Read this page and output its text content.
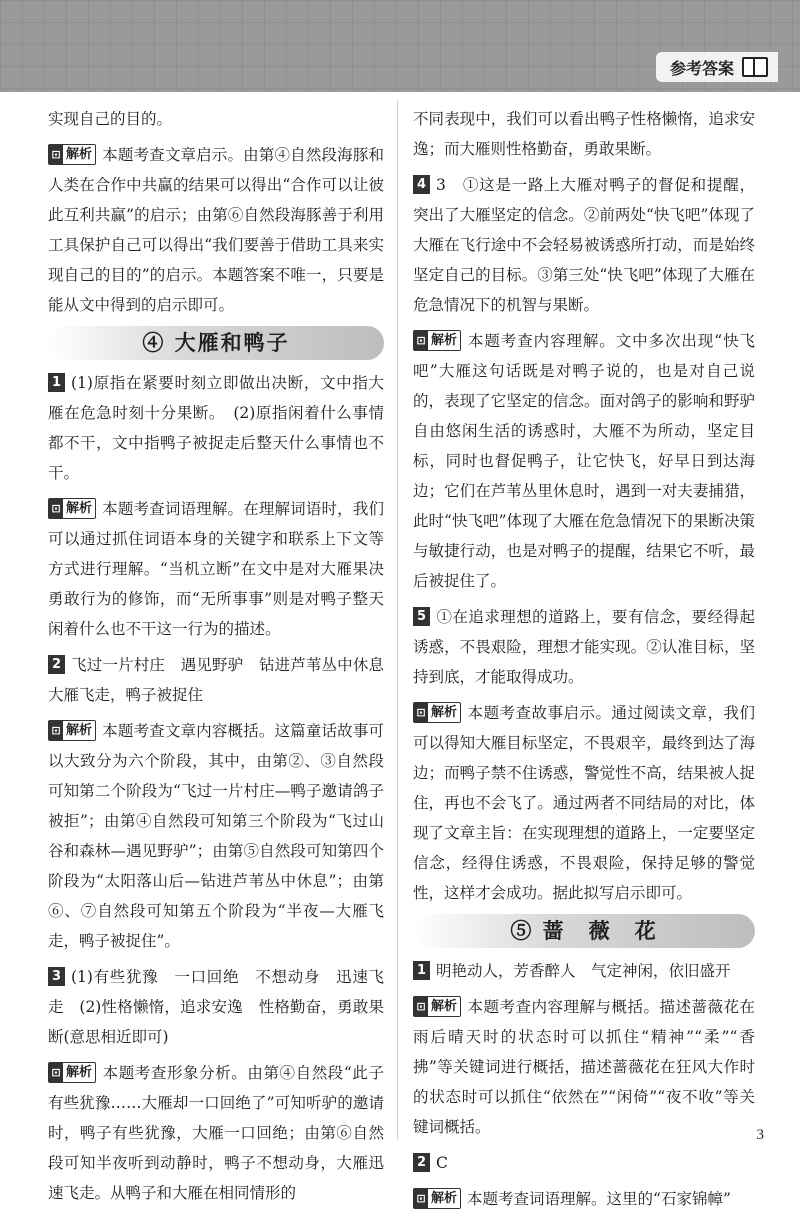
参考答案

实现自己的目的。

⊡ 解析 本题考查文章启示。由第④自然段海豚和人类在合作中共赢的结果可以得出“合作可以让彼此互利共赢”的启示；由第⑥自然段海豚善于利用工具保护自己可以得出“我们要善于借助工具来实现自己的目的”的启示。本题答案不唯一，只要是能从文中得到的启示即可。

④ 大雁和鸭子

1 (1)原指在紧要时刻立即做出决断，文中指大雁在危急时刻十分果断。　(2)原指闲着什么事情都不干，文中指鸭子被捉走后整天什么事情也不干。

⊡ 解析 本题考查词语理解。在理解词语时，我们可以通过抓住词语本身的关键字和联系上下文等方式进行理解。“当机立断”在文中是对大雁果决勇敢行为的修饰，而“无所事事”则是对鸭子整天闲着什么也不干这一行为的描述。

2 飞过一片村庄　遇见野驴　钻进芦苇丛中休息　大雁飞走，鸭子被捉住

⊡ 解析 本题考查文章内容概括。这篇童话故事可以大致分为六个阶段，其中，由第②、③自然段可知第二个阶段为“飞过一片村庄—鸭子邀请鸽子被拒”；由第④自然段可知第三个阶段为“飞过山谷和森林—遇见野驴”；由第⑤自然段可知第四个阶段为“太阳落山后—钻进芦苇丛中休息”；由第⑥、⑦自然段可知第五个阶段为“半夜—大雁飞走，鸭子被捉住”。

3 (1)有些犹豫　一口回绝　不想动身　迅速飞走　(2)性格懒惰，追求安逸　性格勤奋，勇敢果断(意思相近即可)

⊡ 解析 本题考查形象分析。由第④自然段“此子有些犹豫……大雁却一口回绝了”可知听驴的邀请时，鸭子有些犹豫，大雁一口回绝；由第⑥自然段可知半夜听到动静时，鸭子不想动身，大雁迅速飞走。从鸭子和大雁在相同情形的

不同表现中，我们可以看出鸭子性格懒惰，追求安逸；而大雁则性格勤奋，勇敢果断。

4 3　①这是一路上大雁对鸭子的督促和提醒，突出了大雁坚定的信念。②前两处“快飞吧”体现了大雁在飞行途中不会轻易被诱惑所打动，而是始终坚定自己的目标。③第三处“快飞吧”体现了大雁在危急情况下的机智与果断。

⊡ 解析 本题考查内容理解。文中多次出现“快飞吧”大雁这句话既是对鸭子说的，也是对自己说的，表现了它坚定的信念。面对鸽子的影响和野驴自由悠闲生活的诱惑时，大雁不为所动，坚定目标，同时也督促鸭子，让它快飞，好早日到达海边；它们在芦苇丛里休息时，遇到一对夫妻捕猎，此时“快飞吧”体现了大雁在危急情况下的果断决策与敏捷行动，也是对鸭子的提醒，结果它不听，最后被捉住了。

5 ①在追求理想的道路上，要有信念，要经得起诱惑，不畏艰险，理想才能实现。②认准目标，坚持到底，才能取得成功。

⊡ 解析 本题考查故事启示。通过阅读文章，我们可以得知大雁目标坚定，不畏艰辛，最终到达了海边；而鸭子禁不住诱惑，警觉性不高，结果被人捉住，再也不会飞了。通过两者不同结局的对比，体现了文章主旨：在实现理想的道路上，一定要坚定信念，经得住诱惑，不畏艰险，保持足够的警觉性，这样才会成功。据此拟写启示即可。

⑤ 蔷　薇　花

1 明艳动人，芳香醉人　气定神闲，依旧盛开

⊡ 解析 本题考查内容理解与概括。描述蔷薇花在雨后晴天时的状态时可以抓住“精神”“柔”“香拂”等关键词进行概括，描述蔷薇花在狂风大作时的状态时可以抓住“依然在”“闲倚”“夜不收”等关键词概括。

2 C

⊡ 解析 本题考查词语理解。这里的“石家锦幛”

3
